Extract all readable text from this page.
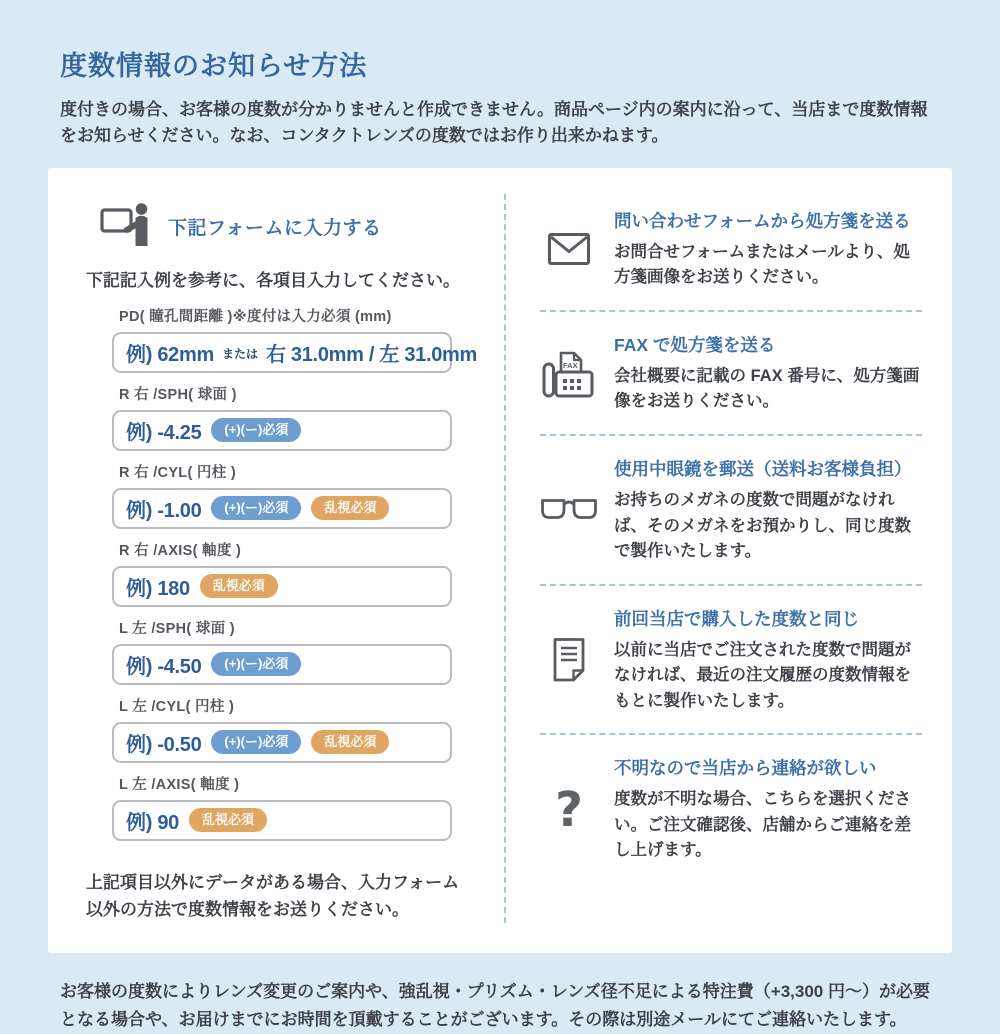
度数情報のお知らせ方法

度付きの場合、お客様の度数が分かりませんと作成できません。商品ページ内の案内に沿って、当店まで度数情報をお知らせください。なお、コンタクトレンズの度数ではお作り出来かねます。

下記フォームに入力する

下記記入例を参考に、各項目入力してください。

PD( 瞳孔間距離 )※度付は入力必須 (mm)
例) 62mm または 右 31.0mm / 左 31.0mm
R 右 /SPH( 球面 )
例) -4.25	(+)(ー)必須
R 右 /CYL( 円柱 )
例) -1.00	(+)(ー)必須	乱視必須
R 右 /AXIS( 軸度 )
例) 180	乱視必須
L 左 /SPH( 球面 )
例) -4.50	(+)(ー)必須
L 左 /CYL( 円柱 )
例) -0.50	(+)(ー)必須	乱視必須
L 左 /AXIS( 軸度 )
例) 90	乱視必須

上記項目以外にデータがある場合、入力フォーム以外の方法で度数情報をお送りください。

問い合わせフォームから処方箋を送る
お問合せフォームまたはメールより、処方箋画像をお送りください。
FAX
FAX で処方箋を送る
会社概要に記載の FAX 番号に、処方箋画像をお送りください。
使用中眼鏡を郵送（送料お客様負担）
お持ちのメガネの度数で問題がなければ、そのメガネをお預かりし、同じ度数で製作いたします。
前回当店で購入した度数と同じ
以前に当店でご注文された度数で問題がなければ、最近の注文履歴の度数情報をもとに製作いたします。
?
不明なので当店から連絡が欲しい
度数が不明な場合、こちらを選択ください。ご注文確認後、店舗からご連絡を差し上げます。

お客様の度数によりレンズ変更のご案内や、強乱視・プリズム・レンズ径不足による特注費（+3,300 円～）が必要となる場合や、お届けまでにお時間を頂戴することがございます。その際は別途メールにてご連絡いたします。
